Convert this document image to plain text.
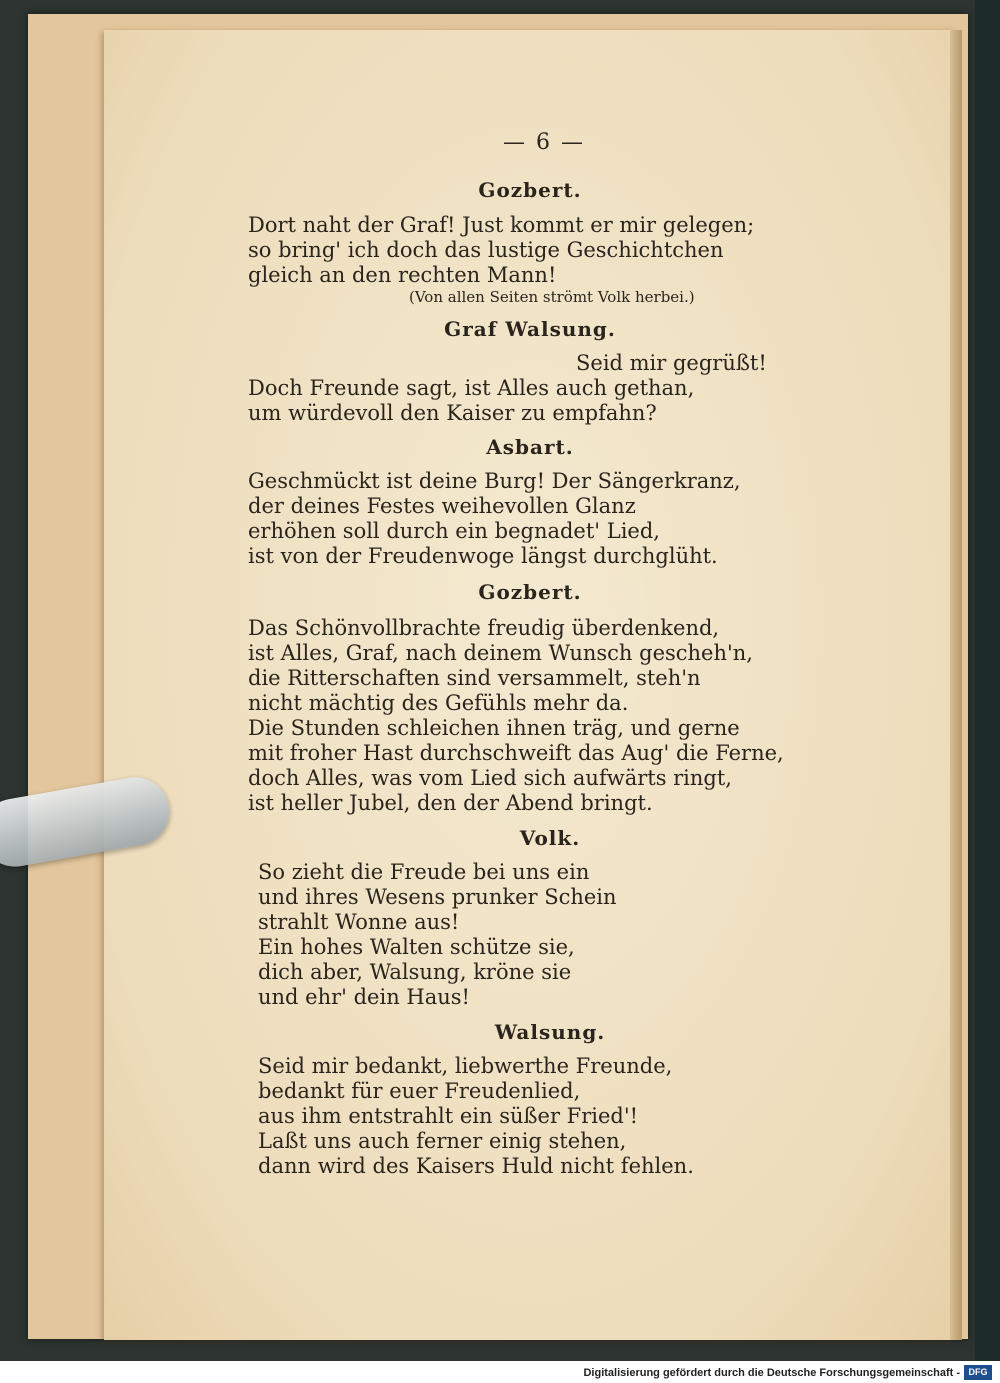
— 6 —
Gozbert.
Dort naht der Graf! Just kommt er mir gelegen;
so bring' ich doch das lustige Geschichtchen
gleich an den rechten Mann!
(Von allen Seiten strömt Volk herbei.)
Graf Walsung.
Seid mir gegrüßt!
Doch Freunde sagt, ist Alles auch gethan,
um würdevoll den Kaiser zu empfahn?
Asbart.
Geschmückt ist deine Burg! Der Sängerkranz,
der deines Festes weihevollen Glanz
erhöhen soll durch ein begnadet' Lied,
ist von der Freudenwoge längst durchglüht.
Gozbert.
Das Schönvollbrachte freudig überdenkend,
ist Alles, Graf, nach deinem Wunsch gescheh'n,
die Ritterschaften sind versammelt, steh'n
nicht mächtig des Gefühls mehr da.
Die Stunden schleichen ihnen träg, und gerne
mit froher Hast durchschweift das Aug' die Ferne,
doch Alles, was vom Lied sich aufwärts ringt,
ist heller Jubel, den der Abend bringt.
Volk.
So zieht die Freude bei uns ein
und ihres Wesens prunker Schein
strahlt Wonne aus!
Ein hohes Walten schütze sie,
dich aber, Walsung, kröne sie
und ehr' dein Haus!
Walsung.
Seid mir bedankt, liebwerthe Freunde,
bedankt für euer Freudenlied,
aus ihm entstrahlt ein süßer Fried'!
Laßt uns auch ferner einig stehen,
dann wird des Kaisers Huld nicht fehlen.
Digitalisierung gefördert durch die Deutsche Forschungsgemeinschaft - DFG
